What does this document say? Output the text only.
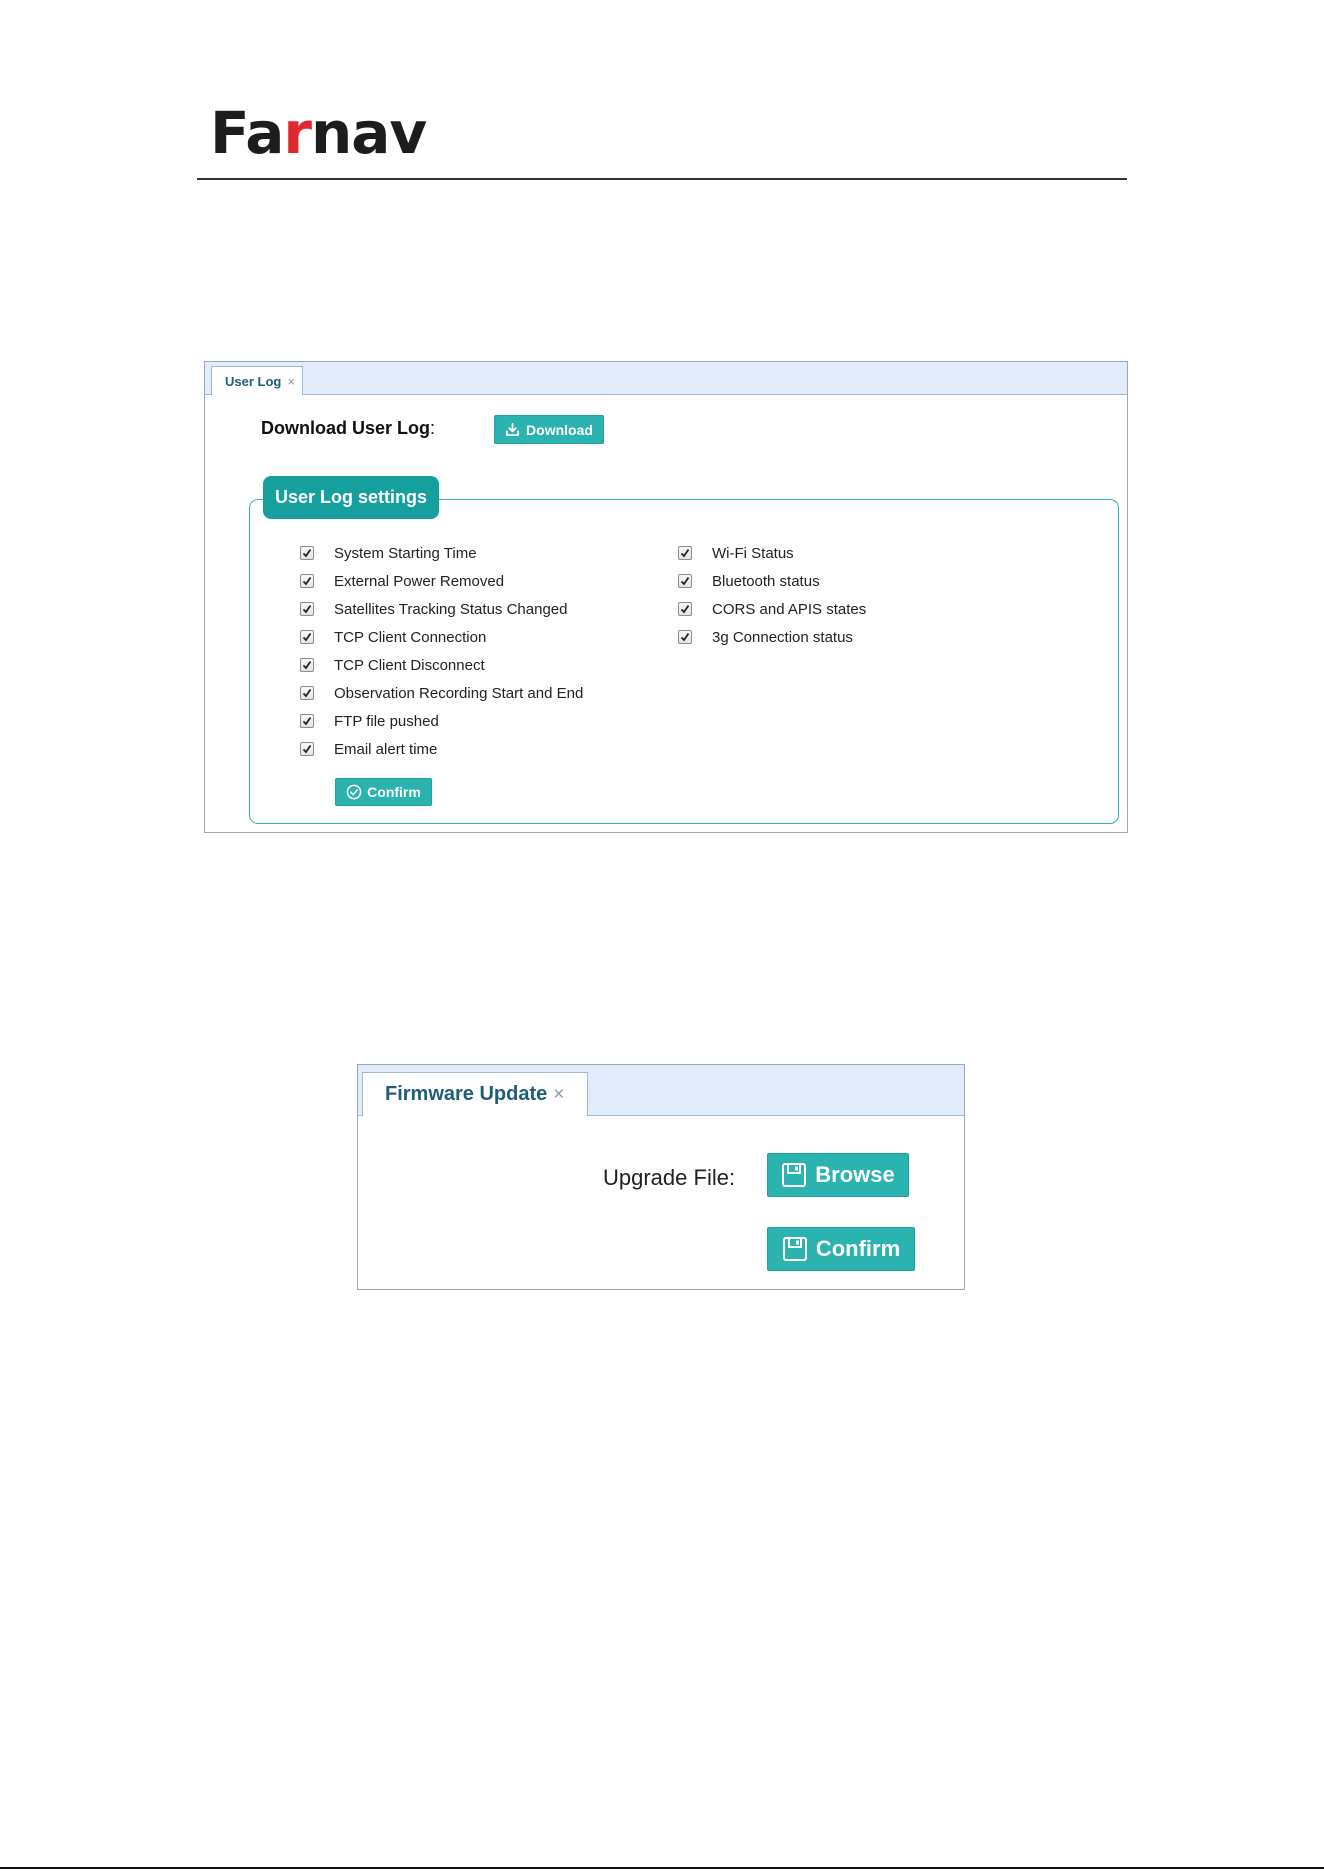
Farnav
User Log ×
Download User Log:	Download
User Log settings
System Starting Time
External Power Removed
Satellites Tracking Status Changed
TCP Client Connection
TCP Client Disconnect
Observation Recording Start and End
FTP file pushed
Email alert time
Wi-Fi Status
Bluetooth status
CORS and APIS states
3g Connection status
Confirm
Firmware Update ×
Upgrade File:	Browse
Confirm
